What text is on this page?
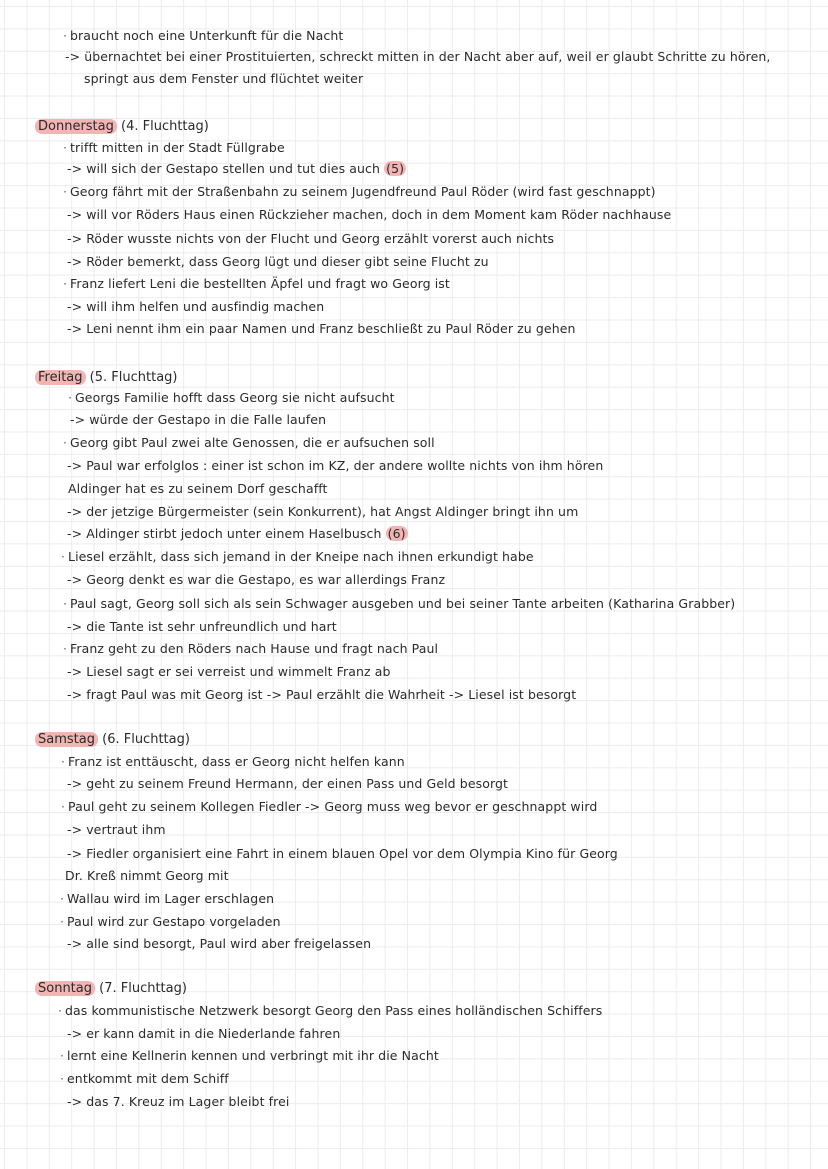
· braucht noch eine Unterkunft für die Nacht
-> übernachtet bei einer Prostituierten, schreckt mitten in der Nacht aber auf, weil er glaubt Schritte zu hören,
springt aus dem Fenster und flüchtet weiter
Donnerstag (4. Fluchttag)
· trifft mitten in der Stadt Füllgrabe
-> will sich der Gestapo stellen und tut dies auch (5)
· Georg fährt mit der Straßenbahn zu seinem Jugendfreund Paul Röder (wird fast geschnappt)
-> will vor Röders Haus einen Rückzieher machen, doch in dem Moment kam Röder nachhause
-> Röder wusste nichts von der Flucht und Georg erzählt vorerst auch nichts
-> Röder bemerkt, dass Georg lügt und dieser gibt seine Flucht zu
· Franz liefert Leni die bestellten Äpfel und fragt wo Georg ist
-> will ihm helfen und ausfindig machen
-> Leni nennt ihm ein paar Namen und Franz beschließt zu Paul Röder zu gehen
Freitag (5. Fluchttag)
· Georgs Familie hofft dass Georg sie nicht aufsucht
-> würde der Gestapo in die Falle laufen
· Georg gibt Paul zwei alte Genossen, die er aufsuchen soll
-> Paul war erfolglos : einer ist schon im KZ, der andere wollte nichts von ihm hören
Aldinger hat es zu seinem Dorf geschafft
-> der jetzige Bürgermeister (sein Konkurrent), hat Angst Aldinger bringt ihn um
-> Aldinger stirbt jedoch unter einem Haselbusch (6)
· Liesel erzählt, dass sich jemand in der Kneipe nach ihnen erkundigt habe
-> Georg denkt es war die Gestapo, es war allerdings Franz
· Paul sagt, Georg soll sich als sein Schwager ausgeben und bei seiner Tante arbeiten (Katharina Grabber)
-> die Tante ist sehr unfreundlich und hart
· Franz geht zu den Röders nach Hause und fragt nach Paul
-> Liesel sagt er sei verreist und wimmelt Franz ab
-> fragt Paul was mit Georg ist -> Paul erzählt die Wahrheit -> Liesel ist besorgt
Samstag (6. Fluchttag)
· Franz ist enttäuscht, dass er Georg nicht helfen kann
-> geht zu seinem Freund Hermann, der einen Pass und Geld besorgt
· Paul geht zu seinem Kollegen Fiedler -> Georg muss weg bevor er geschnappt wird
-> vertraut ihm
-> Fiedler organisiert eine Fahrt in einem blauen Opel vor dem Olympia Kino für Georg
Dr. Kreß nimmt Georg mit
· Wallau wird im Lager erschlagen
· Paul wird zur Gestapo vorgeladen
-> alle sind besorgt, Paul wird aber freigelassen
Sonntag (7. Fluchttag)
· das kommunistische Netzwerk besorgt Georg den Pass eines holländischen Schiffers
-> er kann damit in die Niederlande fahren
· lernt eine Kellnerin kennen und verbringt mit ihr die Nacht
· entkommt mit dem Schiff
-> das 7. Kreuz im Lager bleibt frei
